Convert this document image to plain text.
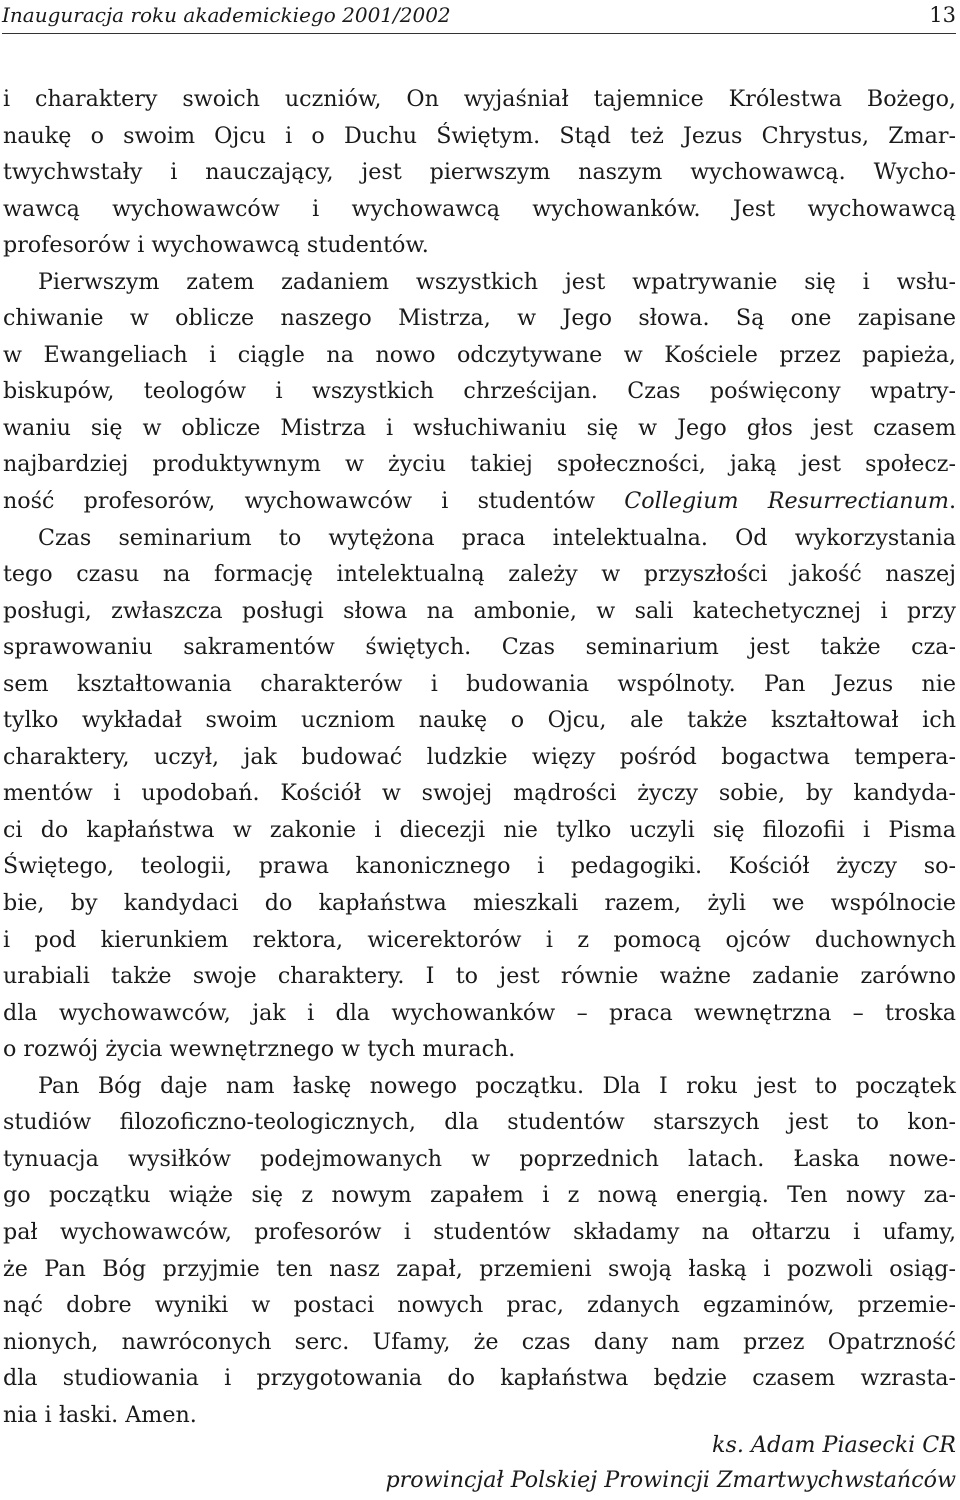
Inauguracja roku akademickiego 2001/2002	13
i charaktery swoich uczniów, On wyjaśniał tajemnice Królestwa Bożego,
naukę o swoim Ojcu i o Duchu Świętym. Stąd też Jezus Chrystus, Zmar-
twychwstały i nauczający, jest pierwszym naszym wychowawcą. Wycho-
wawcą wychowawców i wychowawcą wychowanków. Jest wychowawcą
profesorów i wychowawcą studentów.
Pierwszym zatem zadaniem wszystkich jest wpatrywanie się i wsłu-
chiwanie w oblicze naszego Mistrza, w Jego słowa. Są one zapisane
w Ewangeliach i ciągle na nowo odczytywane w Kościele przez papieża,
biskupów, teologów i wszystkich chrześcijan. Czas poświęcony wpatry-
waniu się w oblicze Mistrza i wsłuchiwaniu się w Jego głos jest czasem
najbardziej produktywnym w życiu takiej społeczności, jaką jest społecz-
ność profesorów, wychowawców i studentów Collegium Resurrectianum.
Czas seminarium to wytężona praca intelektualna. Od wykorzystania
tego czasu na formację intelektualną zależy w przyszłości jakość naszej
posługi, zwłaszcza posługi słowa na ambonie, w sali katechetycznej i przy
sprawowaniu sakramentów świętych. Czas seminarium jest także cza-
sem kształtowania charakterów i budowania wspólnoty. Pan Jezus nie
tylko wykładał swoim uczniom naukę o Ojcu, ale także kształtował ich
charaktery, uczył, jak budować ludzkie więzy pośród bogactwa tempera-
mentów i upodobań. Kościół w swojej mądrości życzy sobie, by kandyda-
ci do kapłaństwa w zakonie i diecezji nie tylko uczyli się filozofii i Pisma
Świętego, teologii, prawa kanonicznego i pedagogiki. Kościół życzy so-
bie, by kandydaci do kapłaństwa mieszkali razem, żyli we wspólnocie
i pod kierunkiem rektora, wicerektorów i z pomocą ojców duchownych
urabiali także swoje charaktery. I to jest równie ważne zadanie zarówno
dla wychowawców, jak i dla wychowanków – praca wewnętrzna – troska
o rozwój życia wewnętrznego w tych murach.
Pan Bóg daje nam łaskę nowego początku. Dla I roku jest to początek
studiów filozoficzno-teologicznych, dla studentów starszych jest to kon-
tynuacja wysiłków podejmowanych w poprzednich latach. Łaska nowe-
go początku wiąże się z nowym zapałem i z nową energią. Ten nowy za-
pał wychowawców, profesorów i studentów składamy na ołtarzu i ufamy,
że Pan Bóg przyjmie ten nasz zapał, przemieni swoją łaską i pozwoli osiąg-
nąć dobre wyniki w postaci nowych prac, zdanych egzaminów, przemie-
nionych, nawróconych serc. Ufamy, że czas dany nam przez Opatrzność
dla studiowania i przygotowania do kapłaństwa będzie czasem wzrasta-
nia i łaski. Amen.
ks. Adam Piasecki CR
prowincjał Polskiej Prowincji Zmartwychwstańców
